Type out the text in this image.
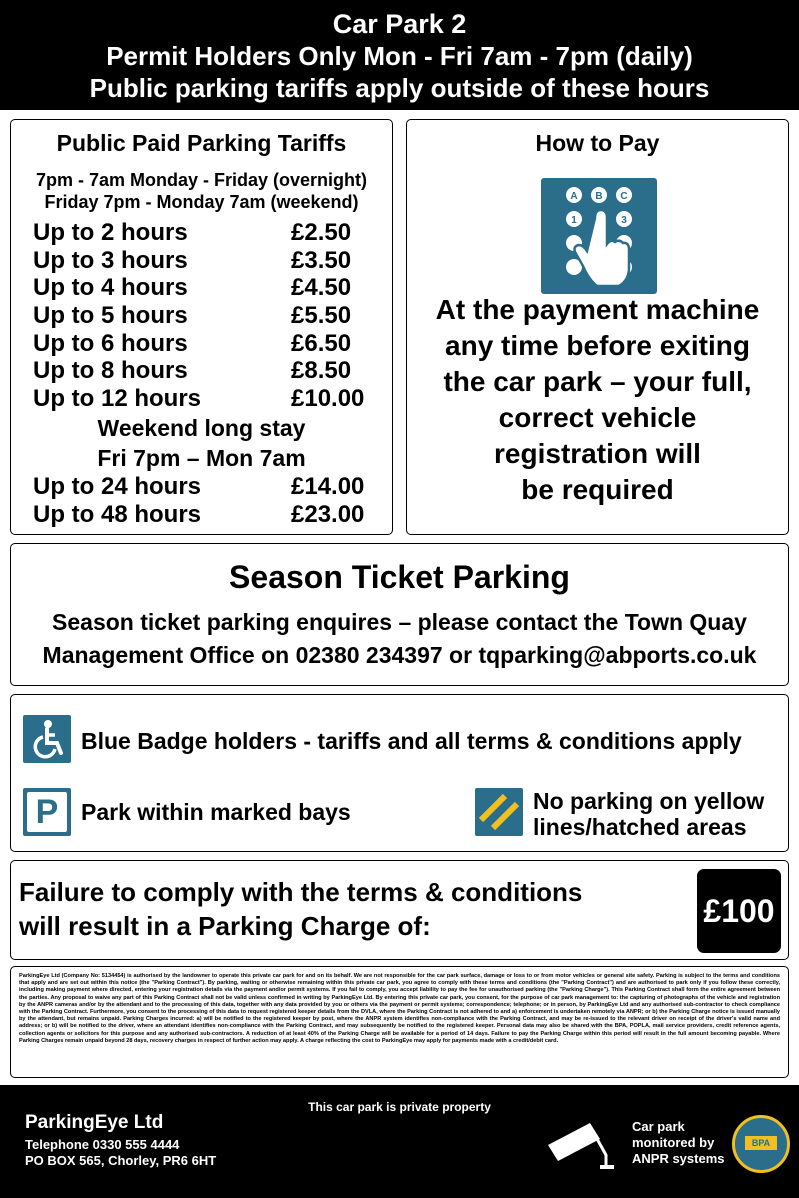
Car Park 2
Permit Holders Only Mon - Fri 7am - 7pm (daily)
Public parking tariffs apply outside of these hours
Public Paid Parking Tariffs
7pm - 7am Monday - Friday (overnight)
Friday 7pm - Monday 7am (weekend)
Up to 2 hours	£2.50
Up to 3 hours	£3.50
Up to 4 hours	£4.50
Up to 5 hours	£5.50
Up to 6 hours	£6.50
Up to 8 hours	£8.50
Up to 12 hours	£10.00
Weekend long stay
Fri 7pm – Mon 7am
Up to 24 hours	£14.00
Up to 48 hours	£23.00
How to Pay
A B C
1	3
At the payment machine
any time before exiting
the car park – your full,
correct vehicle
registration will
be required
Season Ticket Parking
Season ticket parking enquires – please contact the Town Quay
Management Office on 02380 234397 or tqparking@abports.co.uk
Blue Badge holders - tariffs and all terms & conditions apply
P Park within marked bays	No parking on yellow
lines/hatched areas
Failure to comply with the terms & conditions
will result in a Parking Charge of:	£100
ParkingEye Ltd (Company No: 5134454) is authorised by the landowner to operate this private car park for and on its behalf. We are not responsible for the car park surface, damage or loss to or from motor vehicles or general site safety. Parking is subject to the terms and conditions that apply and are set out within this notice (the "Parking Contract"). By parking, waiting or otherwise remaining within this private car park, you agree to comply with these terms and conditions (the "Parking Contract") and are authorised to park only if you follow these correctly, including making payment where directed, entering your registration details via the payment and/or permit systems. If you fail to comply, you accept liability to pay the fee for unauthorised parking (the "Parking Charge"). This Parking Contract shall form the entire agreement between the parties. Any proposal to waive any part of this Parking Contract shall not be valid unless confirmed in writing by ParkingEye Ltd. By entering this private car park, you consent, for the purpose of car park management to: the capturing of photographs of the vehicle and registration by the ANPR cameras and/or by the attendant and to the processing of this data, together with any data provided by you or others via the payment or permit systems; correspondence; telephone; or in person, by ParkingEye Ltd and any authorised sub-contractor to check compliance with the Parking Contract. Furthermore, you consent to the processing of this data to request registered keeper details from the DVLA, where the Parking Contract is not adhered to and a) enforcement is undertaken remotely via ANPR; or b) the Parking Charge notice is issued manually by the attendant, but remains unpaid. Parking Charges incurred: a) will be notified to the registered keeper by post, where the ANPR system identifies non-compliance with the Parking Contract, and may be re-issued to the relevant driver on receipt of the driver's valid name and address; or b) will be notified to the driver, where an attendant identifies non-compliance with the Parking Contract, and may subsequently be notified to the registered keeper. Personal data may also be shared with the BPA, POPLA, mail service providers, credit reference agents, collection agents or solicitors for this purpose and any authorised sub-contractors. A reduction of at least 40% of the Parking Charge will be available for a period of 14 days. Failure to pay the Parking Charge within this period will result in the full amount becoming payable. Where Parking Charges remain unpaid beyond 28 days, recovery charges in respect of further action may apply. A charge reflecting the cost to ParkingEye may apply for payments made with a credit/debit card.
This car park is private property
ParkingEye Ltd
Telephone 0330 555 4444
PO BOX 565, Chorley, PR6 6HT
Car park
monitored by
ANPR systems
BPA
